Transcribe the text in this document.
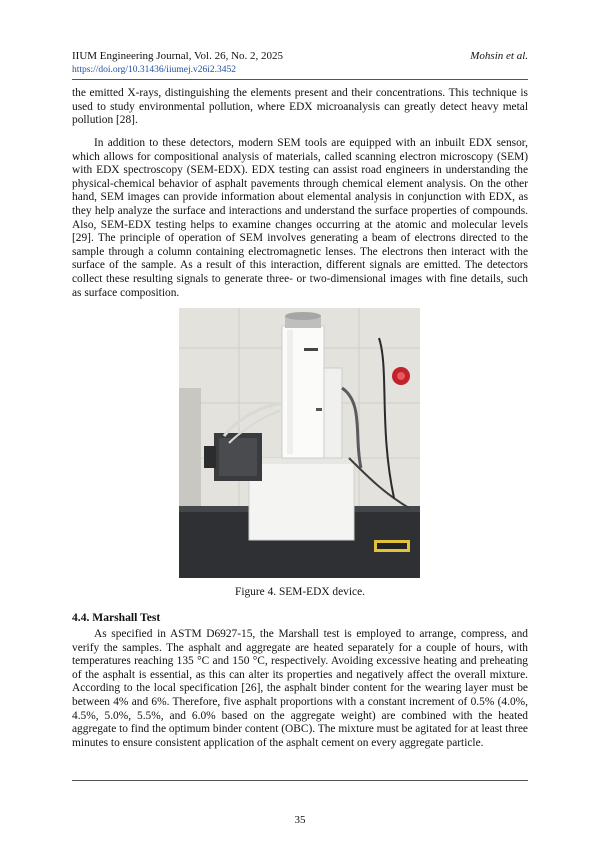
IIUM Engineering Journal, Vol. 26, No. 2, 2025
https://doi.org/10.31436/iiumej.v26i2.3452
Mohsin et al.

the emitted X-rays, distinguishing the elements present and their concentrations. This technique is used to study environmental pollution, where EDX microanalysis can greatly detect heavy metal pollution [28].

In addition to these detectors, modern SEM tools are equipped with an inbuilt EDX sensor, which allows for compositional analysis of materials, called scanning electron microscopy (SEM) with EDX spectroscopy (SEM-EDX). EDX testing can assist road engineers in understanding the physical-chemical behavior of asphalt pavements through chemical element analysis. On the other hand, SEM images can provide information about elemental analysis in conjunction with EDX, as they help analyze the surface and interactions and understand the surface properties of compounds. Also, SEM-EDX testing helps to examine changes occurring at the atomic and molecular levels [29]. The principle of operation of SEM involves generating a beam of electrons directed to the sample through a column containing electromagnetic lenses. The electrons then interact with the surface of the sample. As a result of this interaction, different signals are emitted. The detectors collect these resulting signals to generate three- or two-dimensional images with fine details, such as surface composition.

Figure 4. SEM-EDX device.
4.4. Marshall Test

As specified in ASTM D6927-15, the Marshall test is employed to arrange, compress, and verify the samples. The asphalt and aggregate are heated separately for a couple of hours, with temperatures reaching 135 °C and 150 °C, respectively. Avoiding excessive heating and preheating of the asphalt is essential, as this can alter its properties and negatively affect the overall mixture. According to the local specification [26], the asphalt binder content for the wearing layer must be between 4% and 6%. Therefore, five asphalt proportions with a constant increment of 0.5% (4.0%, 4.5%, 5.0%, 5.5%, and 6.0% based on the aggregate weight) are combined with the heated aggregate to find the optimum binder content (OBC). The mixture must be agitated for at least three minutes to ensure consistent application of the asphalt cement on every aggregate particle.

35
